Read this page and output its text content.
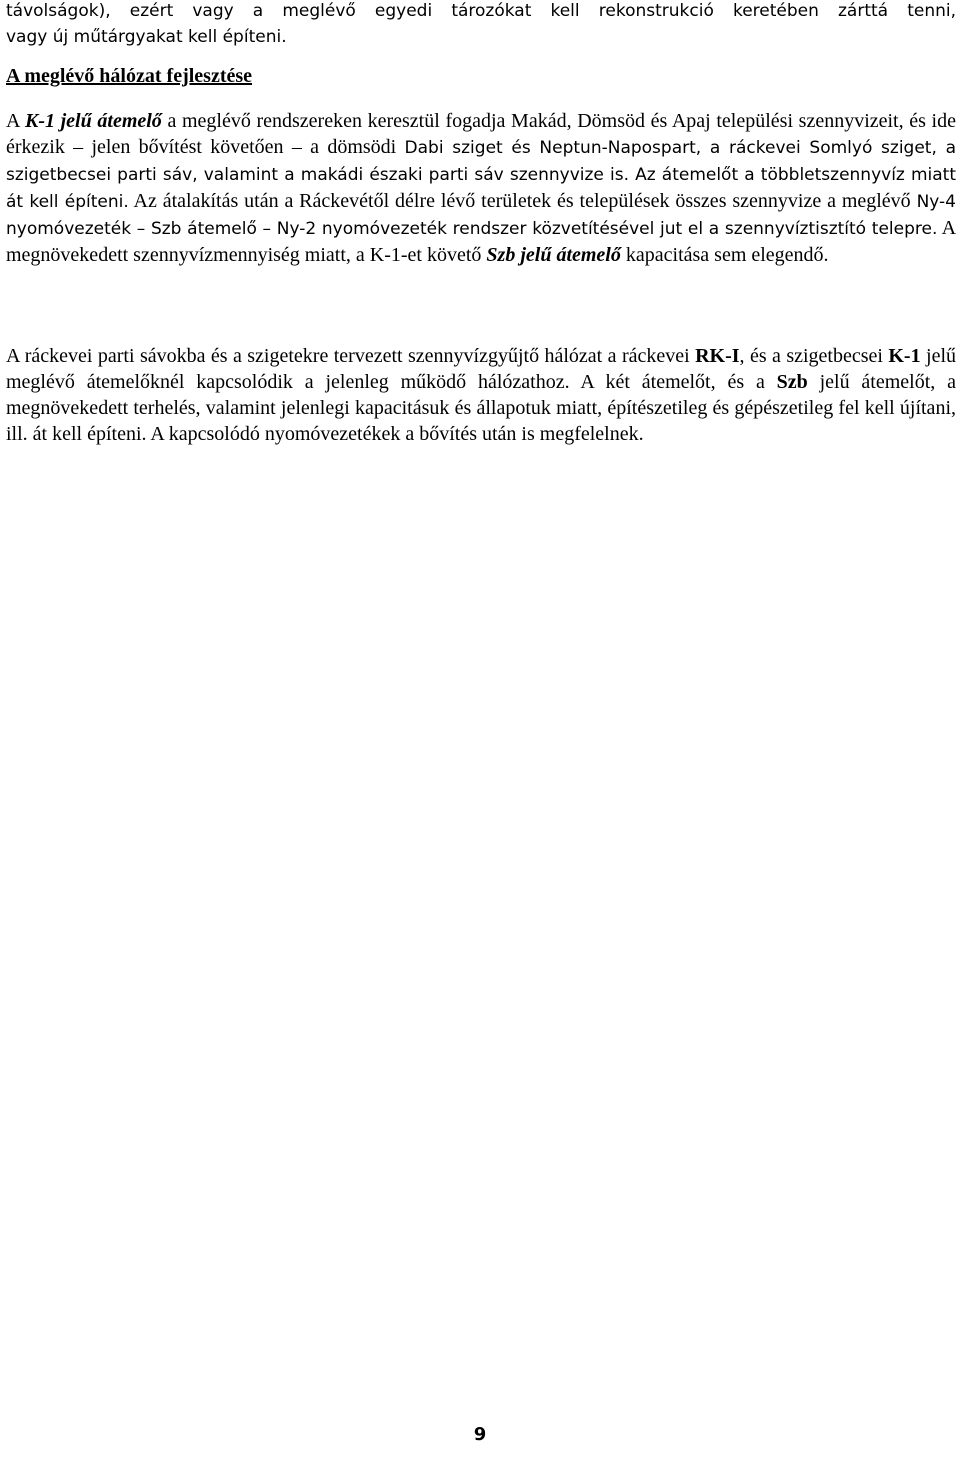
távolságok), ezért vagy a meglévő egyedi tározókat kell rekonstrukció keretében zárttá tenni,

vagy új műtárgyakat kell építeni.

A meglévő hálózat fejlesztése

A K-1 jelű átemelő a meglévő rendszereken keresztül fogadja Makád, Dömsöd és Apaj települési szennyvizeit, és ide érkezik – jelen bővítést követően – a dömsödi Dabi sziget és Neptun-Napospart, a ráckevei Somlyó sziget, a szigetbecsei parti sáv, valamint a makádi északi parti sáv szennyvize is. Az átemelőt a többletszennyvíz miatt át kell építeni. Az átalakítás után a Ráckevétől délre lévő területek és települések összes szennyvize a meglévő Ny-4 nyomóvezeték – Szb átemelő – Ny-2 nyomóvezeték rendszer közvetítésével jut el a szennyvíztisztító telepre. A megnövekedett szennyvízmennyiség miatt, a K-1-et követő Szb jelű átemelő kapacitása sem elegendő.

A ráckevei parti sávokba és a szigetekre tervezett szennyvízgyűjtő hálózat a ráckevei RK-I, és a szigetbecsei K-1 jelű meglévő átemelőknél kapcsolódik a jelenleg működő hálózathoz. A két átemelőt, és a Szb jelű átemelőt, a megnövekedett terhelés, valamint jelenlegi kapacitásuk és állapotuk miatt, építészetileg és gépészetileg fel kell újítani, ill. át kell építeni. A kapcsolódó nyomóvezetékek a bővítés után is megfelelnek.

9
